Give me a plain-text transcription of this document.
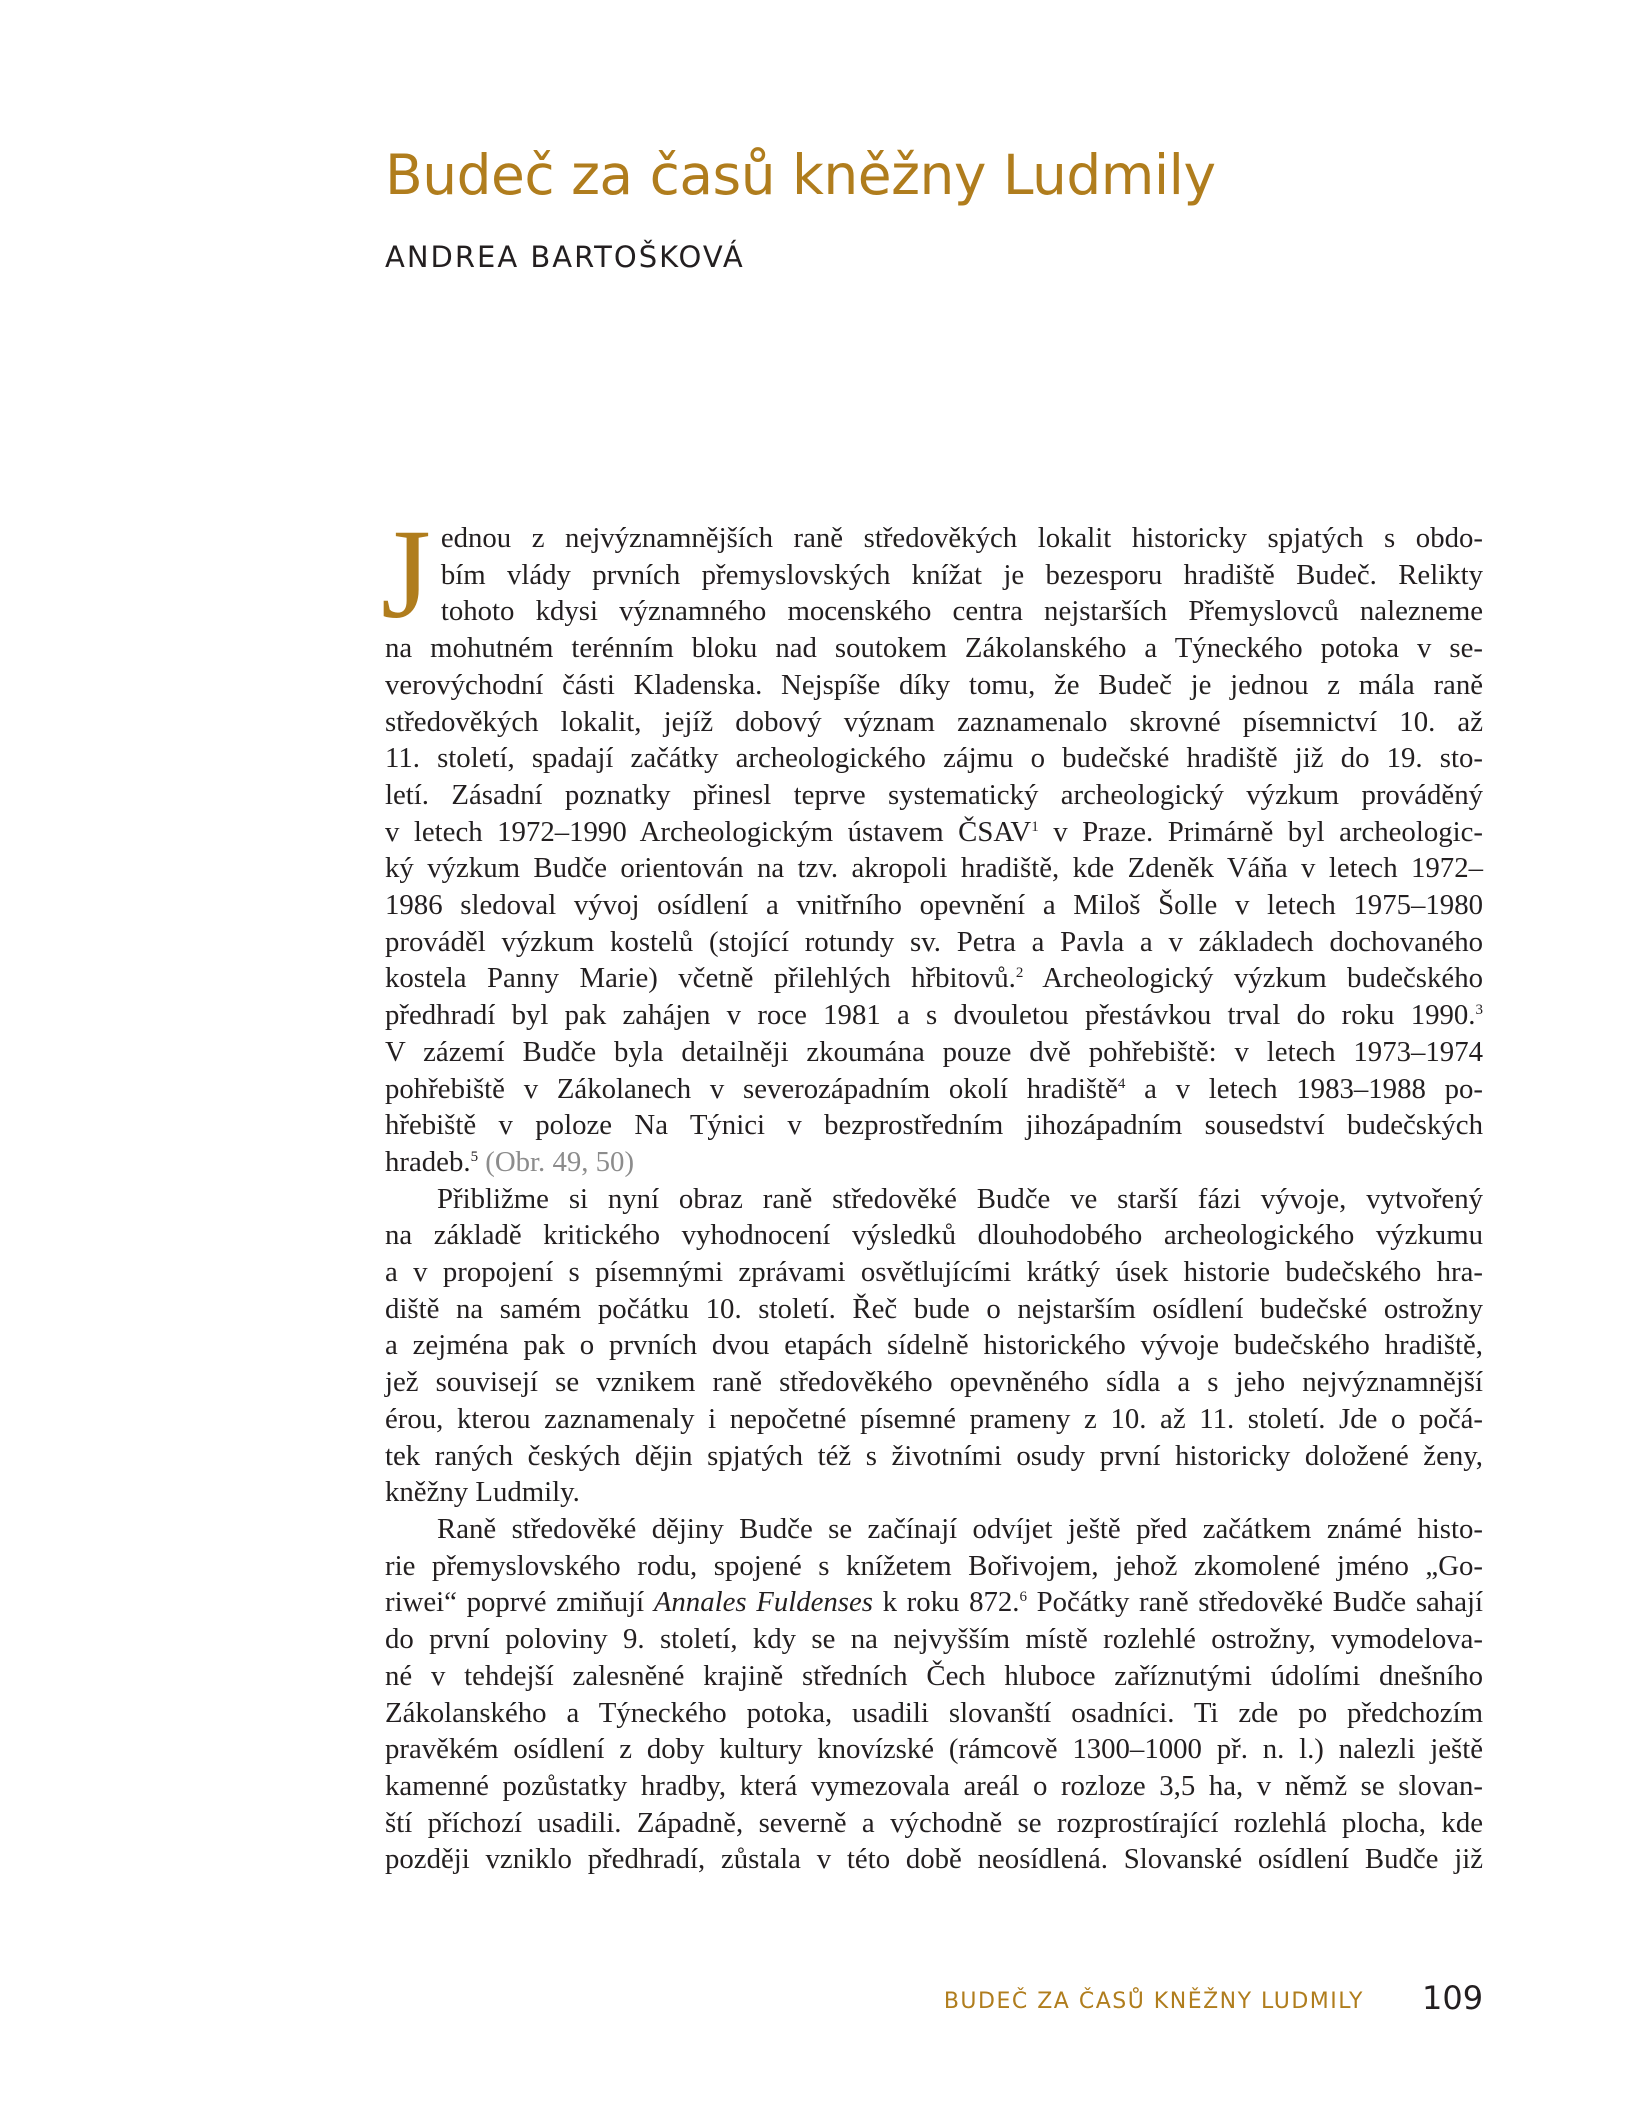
Budeč za časů kněžny Ludmily
ANDREA BARTOŠKOVÁ
J ednou z nejvýznamnějších raně středověkých lokalit historicky spjatých s obdo-
bím vlády prvních přemyslovských knížat je bezesporu hradiště Budeč. Relikty
tohoto kdysi významného mocenského centra nejstarších Přemyslovců nalezneme
na mohutném terénním bloku nad soutokem Zákolanského a Týneckého potoka v se-
verovýchodní části Kladenska. Nejspíše díky tomu, že Budeč je jednou z mála raně
středověkých lokalit, jejíž dobový význam zaznamenalo skrovné písemnictví 10. až
11. století, spadají začátky archeologického zájmu o budečské hradiště již do 19. sto-
letí. Zásadní poznatky přinesl teprve systematický archeologický výzkum prováděný
v letech 1972–1990 Archeologickým ústavem ČSAV$^1$ v Praze. Primárně byl archeologic-
ký výzkum Budče orientován na tzv. akropoli hradiště, kde Zdeněk Váňa v letech 1972–
1986 sledoval vývoj osídlení a vnitřního opevnění a Miloš Šolle v letech 1975–1980
prováděl výzkum kostelů (stojící rotundy sv. Petra a Pavla a v základech dochovaného
kostela Panny Marie) včetně přilehlých hřbitovů.$^2$ Archeologický výzkum budečského
předhradí byl pak zahájen v roce 1981 a s dvouletou přestávkou trval do roku 1990.$^3$
V zázemí Budče byla detailněji zkoumána pouze dvě pohřebiště: v letech 1973–1974
pohřebiště v Zákolanech v severozápadním okolí hradiště$^4$ a v letech 1983–1988 po-
hřebiště v poloze Na Týnici v bezprostředním jihozápadním sousedství budečských
hradeb.$^5$ (Obr. 49, 50)
Přibližme si nyní obraz raně středověké Budče ve starší fázi vývoje, vytvořený
na základě kritického vyhodnocení výsledků dlouhodobého archeologického výzkumu
a v propojení s písemnými zprávami osvětlujícími krátký úsek historie budečského hra-
diště na samém počátku 10. století. Řeč bude o nejstarším osídlení budečské ostrožny
a zejména pak o prvních dvou etapách sídelně historického vývoje budečského hradiště,
jež souvisejí se vznikem raně středověkého opevněného sídla a s jeho nejvýznamnější
érou, kterou zaznamenaly i nepočetné písemné prameny z 10. až 11. století. Jde o počá-
tek raných českých dějin spjatých též s životními osudy první historicky doložené ženy,
kněžny Ludmily.
Raně středověké dějiny Budče se začínají odvíjet ještě před začátkem známé histo-
rie přemyslovského rodu, spojené s knížetem Bořivojem, jehož zkomolené jméno „Go-
riwei“ poprvé zmiňují Annales Fuldenses k roku 872.$^6$ Počátky raně středověké Budče sahají
do první poloviny 9. století, kdy se na nejvyšším místě rozlehlé ostrožny, vymodelova-
né v tehdejší zalesněné krajině středních Čech hluboce zaříznutými údolími dnešního
Zákolanského a Týneckého potoka, usadili slovanští osadníci. Ti zde po předchozím
pravěkém osídlení z doby kultury knovízské (rámcově 1300–1000 př. n. l.) nalezli ještě
kamenné pozůstatky hradby, která vymezovala areál o rozloze 3,5 ha, v němž se slovan-
ští příchozí usadili. Západně, severně a východně se rozprostírající rozlehlá plocha, kde
později vzniklo předhradí, zůstala v této době neosídlená. Slovanské osídlení Budče již
BUDEČ ZA ČASŮ KNĚŽNY LUDMILY 109
